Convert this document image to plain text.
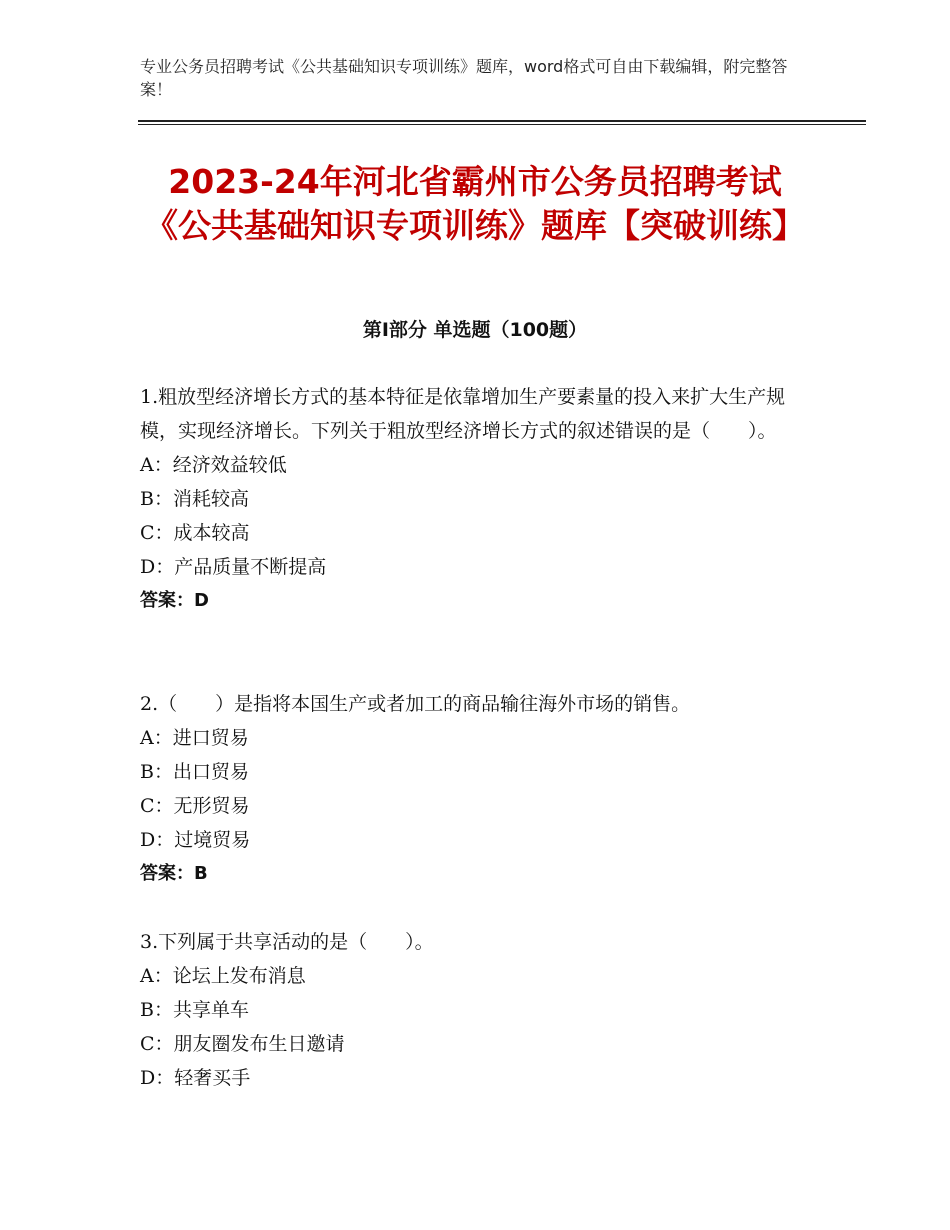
专业公务员招聘考试《公共基础知识专项训练》题库，word格式可自由下载编辑，附完整答案！
2023-24年河北省霸州市公务员招聘考试《公共基础知识专项训练》题库【突破训练】
第Ⅰ部分 单选题（100题）

1.粗放型经济增长方式的基本特征是依靠增加生产要素量的投入来扩大生产规模，实现经济增长。下列关于粗放型经济增长方式的叙述错误的是（　　）。

A：经济效益较低

B：消耗较高

C：成本较高

D：产品质量不断提高

答案：D

2.（　　）是指将本国生产或者加工的商品输往海外市场的销售。

A：进口贸易

B：出口贸易

C：无形贸易

D：过境贸易

答案：B

3.下列属于共享活动的是（　　）。

A：论坛上发布消息

B：共享单车

C：朋友圈发布生日邀请

D：轻奢买手
